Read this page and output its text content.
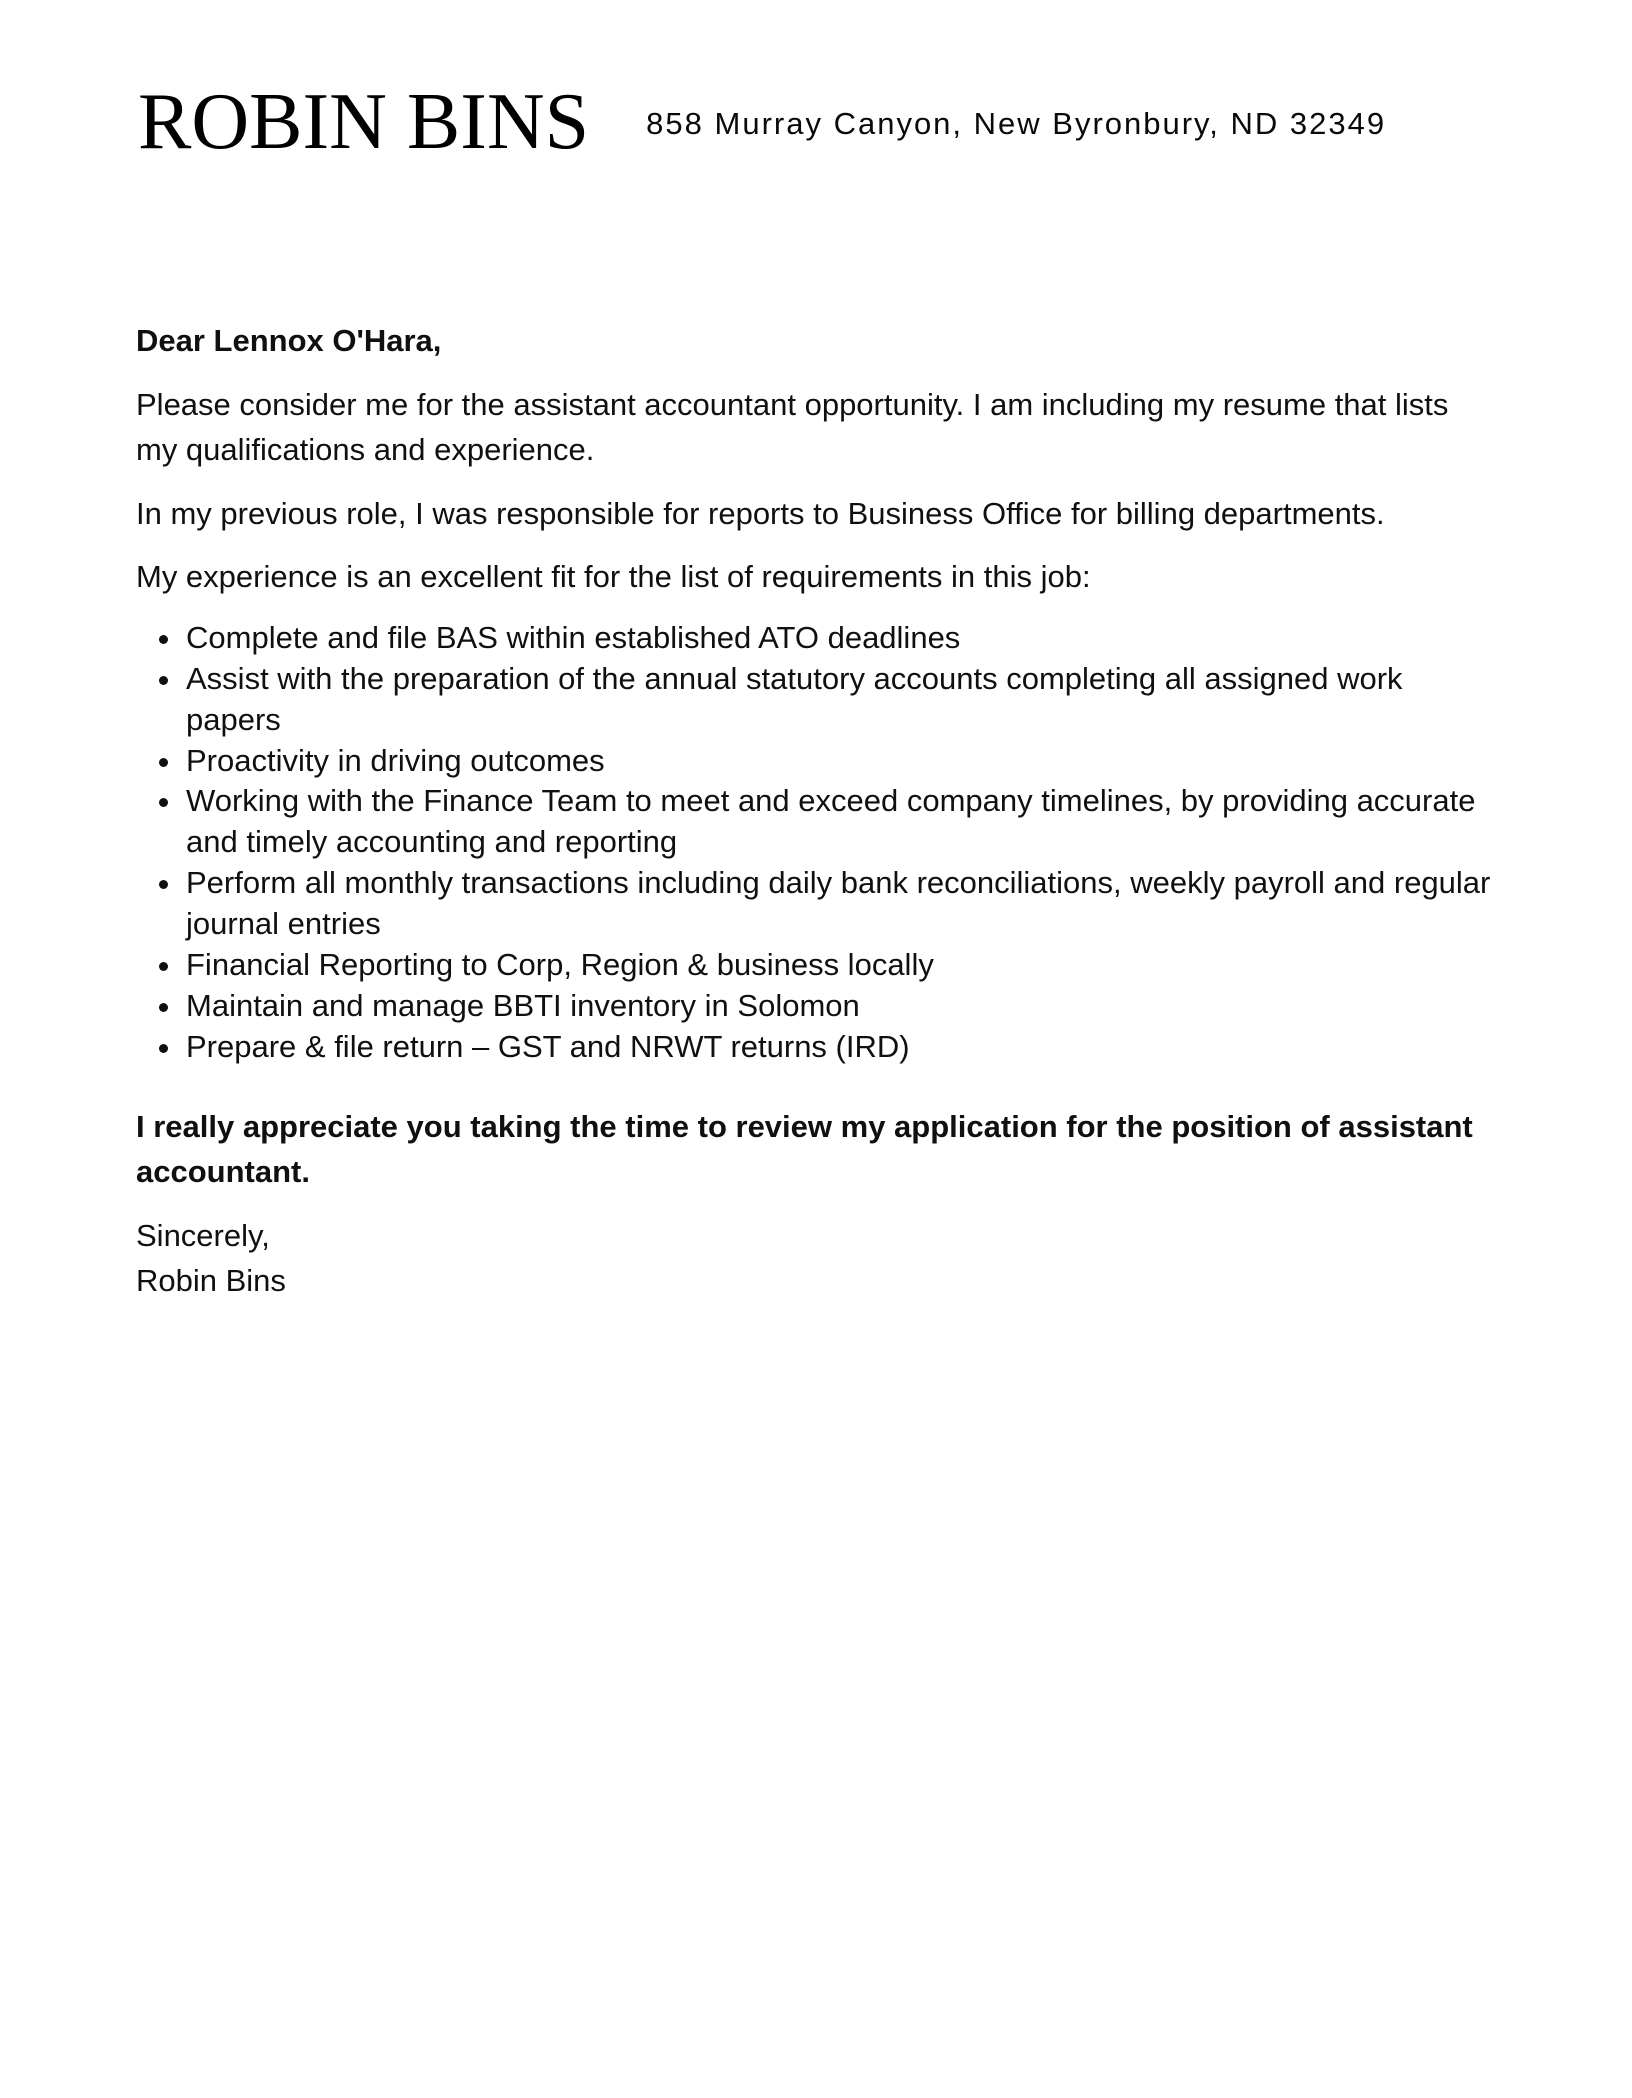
ROBIN BINS 858 Murray Canyon, New Byronbury, ND 32349

Dear Lennox O'Hara,

Please consider me for the assistant accountant opportunity. I am including my resume that lists my qualifications and experience.

In my previous role, I was responsible for reports to Business Office for billing departments.

My experience is an excellent fit for the list of requirements in this job:

• Complete and file BAS within established ATO deadlines
• Assist with the preparation of the annual statutory accounts completing all assigned work papers
• Proactivity in driving outcomes
• Working with the Finance Team to meet and exceed company timelines, by providing accurate and timely accounting and reporting
• Perform all monthly transactions including daily bank reconciliations, weekly payroll and regular journal entries
• Financial Reporting to Corp, Region & business locally
• Maintain and manage BBTI inventory in Solomon
• Prepare & file return – GST and NRWT returns (IRD)

I really appreciate you taking the time to review my application for the position of assistant accountant.

Sincerely,
Robin Bins
